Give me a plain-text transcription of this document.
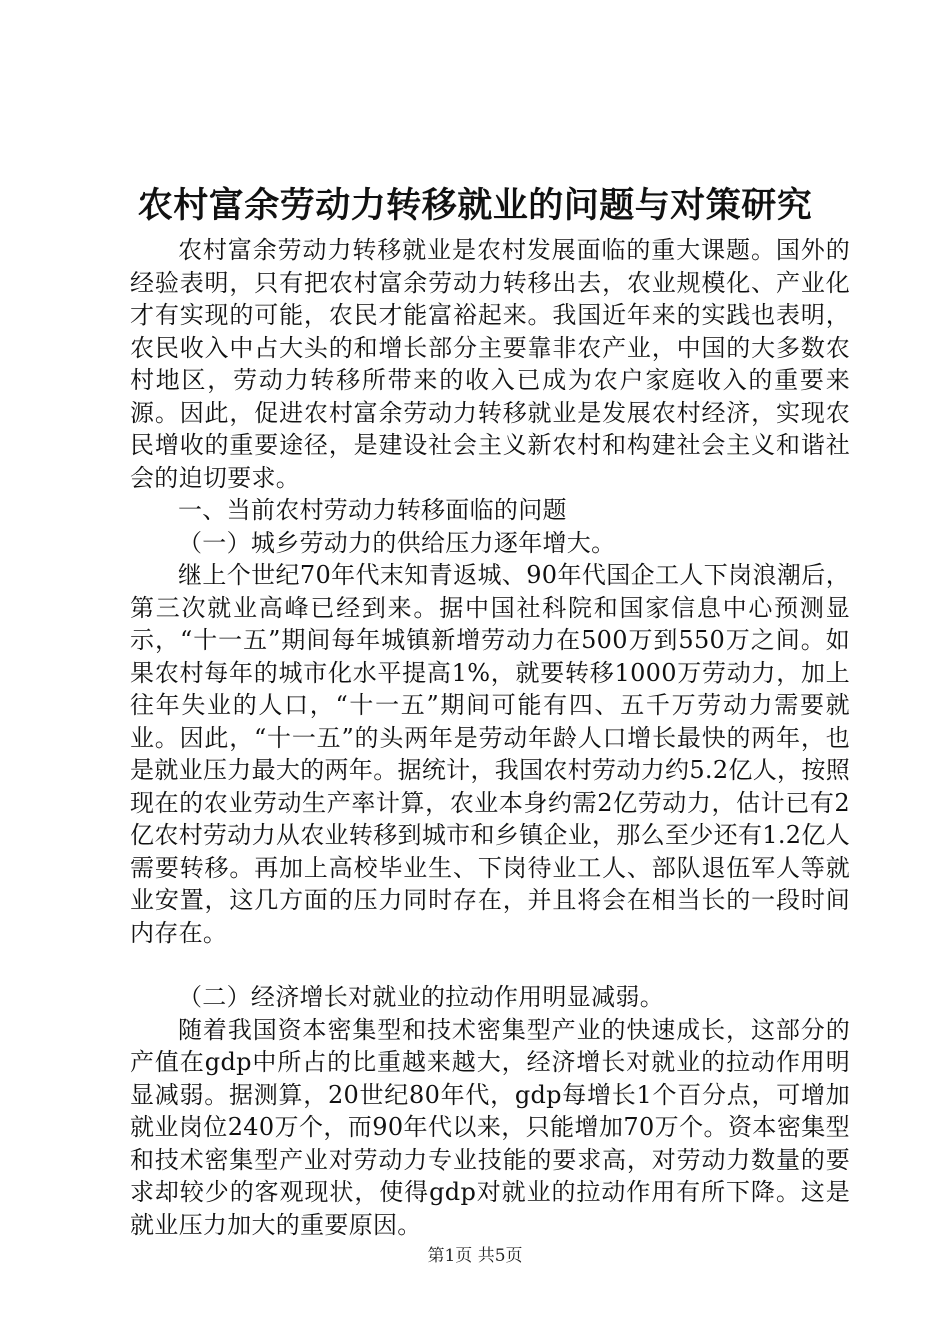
农村富余劳动力转移就业的问题与对策研究

农村富余劳动力转移就业是农村发展面临的重大课题。国外的经验表明，只有把农村富余劳动力转移出去，农业规模化、产业化才有实现的可能，农民才能富裕起来。我国近年来的实践也表明，农民收入中占大头的和增长部分主要靠非农产业，中国的大多数农村地区，劳动力转移所带来的收入已成为农户家庭收入的重要来源。因此，促进农村富余劳动力转移就业是发展农村经济，实现农民增收的重要途径，是建设社会主义新农村和构建社会主义和谐社会的迫切要求。

一、当前农村劳动力转移面临的问题

（一）城乡劳动力的供给压力逐年增大。

继上个世纪70年代末知青返城、90年代国企工人下岗浪潮后，第三次就业高峰已经到来。据中国社科院和国家信息中心预测显示，“十一五”期间每年城镇新增劳动力在500万到550万之间。如果农村每年的城市化水平提高1%，就要转移1000万劳动力，加上往年失业的人口，“十一五”期间可能有四、五千万劳动力需要就业。因此，“十一五”的头两年是劳动年龄人口增长最快的两年，也是就业压力最大的两年。据统计，我国农村劳动力约5.2亿人，按照现在的农业劳动生产率计算，农业本身约需2亿劳动力，估计已有2亿农村劳动力从农业转移到城市和乡镇企业，那么至少还有1.2亿人需要转移。再加上高校毕业生、下岗待业工人、部队退伍军人等就业安置，这几方面的压力同时存在，并且将会在相当长的一段时间内存在。

（二）经济增长对就业的拉动作用明显减弱。

随着我国资本密集型和技术密集型产业的快速成长，这部分的产值在gdp中所占的比重越来越大，经济增长对就业的拉动作用明显减弱。据测算，20世纪80年代，gdp每增长1个百分点，可增加就业岗位240万个，而90年代以来，只能增加70万个。资本密集型和技术密集型产业对劳动力专业技能的要求高，对劳动力数量的要求却较少的客观现状，使得gdp对就业的拉动作用有所下降。这是就业压力加大的重要原因。

第1页 共5页
